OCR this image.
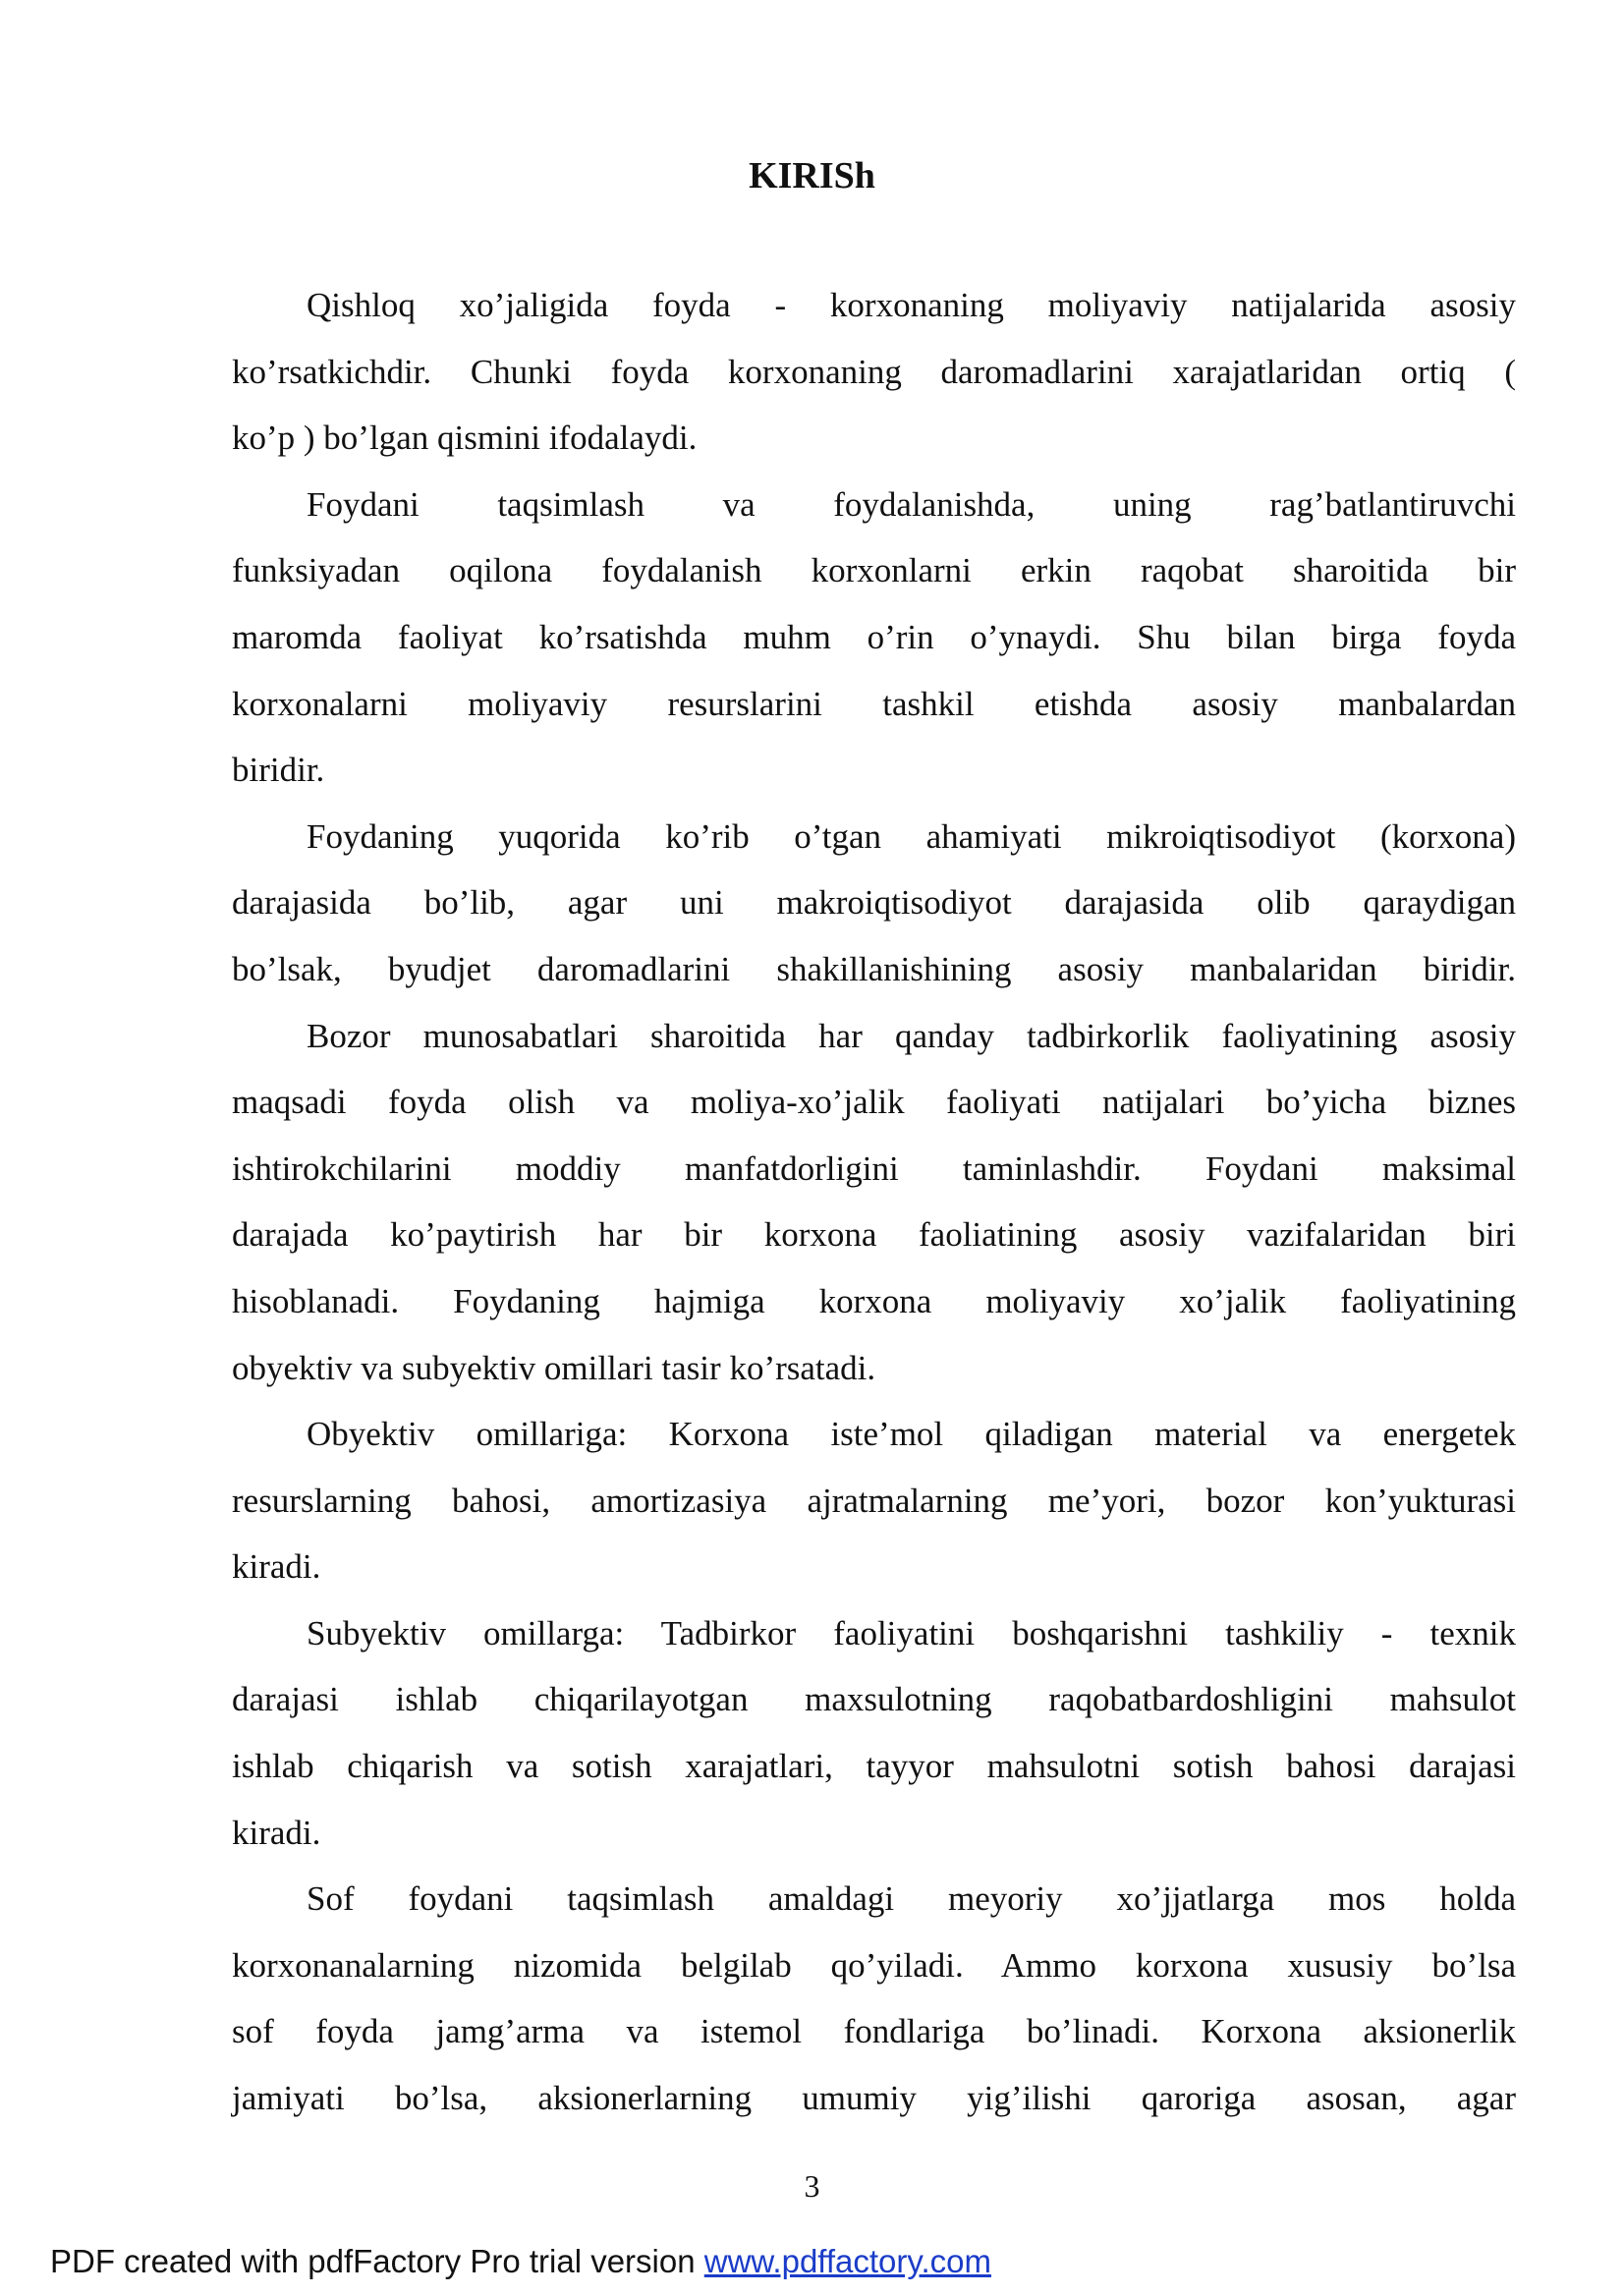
KIRISh
Qishloq xo’jaligida foyda - korxonaning moliyaviy natijalarida asosiy
ko’rsatkichdir. Chunki foyda korxonaning daromadlarini xarajatlaridan ortiq (
ko’p ) bo’lgan qismini ifodalaydi.
Foydani taqsimlash va foydalanishda, uning rag’batlantiruvchi
funksiyadan oqilona foydalanish korxonlarni erkin raqobat sharoitida bir
maromda faoliyat ko’rsatishda muhm o’rin o’ynaydi. Shu bilan birga foyda
korxonalarni moliyaviy resurslarini tashkil etishda asosiy manbalardan
biridir.
Foydaning yuqorida ko’rib o’tgan ahamiyati mikroiqtisodiyot (korxona)
darajasida bo’lib, agar uni makroiqtisodiyot darajasida olib qaraydigan
bo’lsak, byudjet daromadlarini shakillanishining asosiy manbalaridan biridir.
Bozor munosabatlari sharoitida har qanday tadbirkorlik faoliyatining asosiy
maqsadi foyda olish va moliya-xo’jalik faoliyati natijalari bo’yicha biznes
ishtirokchilarini moddiy manfatdorligini taminlashdir. Foydani maksimal
darajada ko’paytirish har bir korxona faoliatining asosiy vazifalaridan biri
hisoblanadi. Foydaning hajmiga korxona moliyaviy xo’jalik faoliyatining
obyektiv va subyektiv omillari tasir ko’rsatadi.
Obyektiv omillariga: Korxona iste’mol qiladigan material va energetek
resurslarning bahosi, amortizasiya ajratmalarning me’yori, bozor kon’yukturasi
kiradi.
Subyektiv omillarga: Tadbirkor faoliyatini boshqarishni tashkiliy - texnik
darajasi ishlab chiqarilayotgan maxsulotning raqobatbardoshligini mahsulot
ishlab chiqarish va sotish xarajatlari, tayyor mahsulotni sotish bahosi darajasi
kiradi.
Sof foydani taqsimlash amaldagi meyoriy xo’jjatlarga mos holda
korxonanalarning nizomida belgilab qo’yiladi. Ammo korxona xususiy bo’lsa
sof foyda jamg’arma va istemol fondlariga bo’linadi. Korxona aksionerlik
jamiyati bo’lsa, aksionerlarning umumiy yig’ilishi qaroriga asosan, agar
3
PDF created with pdfFactory Pro trial version www.pdffactory.com
